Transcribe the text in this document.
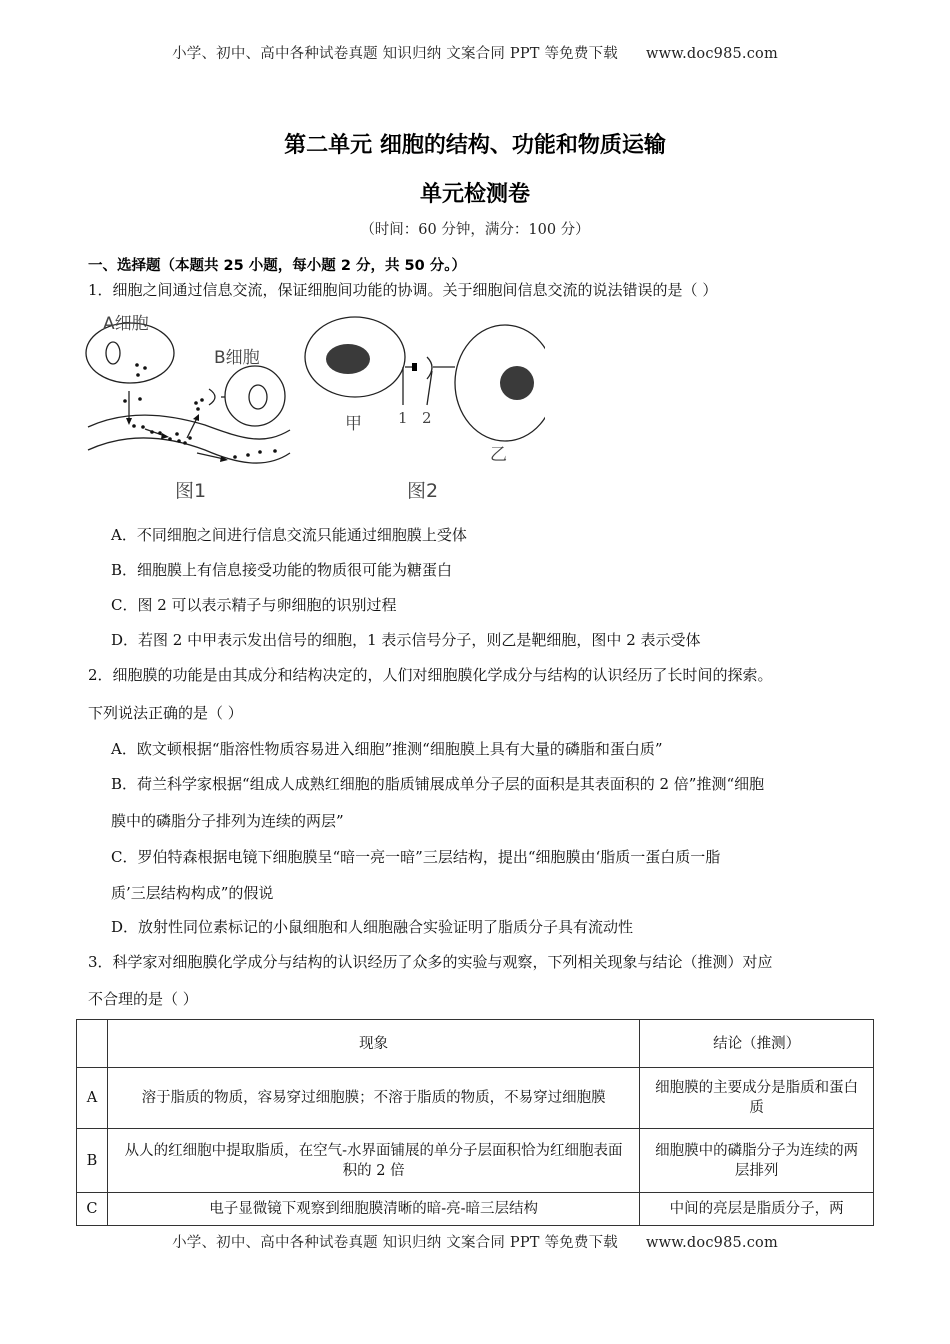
小学、初中、高中各种试卷真题 知识归纳 文案合同 PPT 等免费下载 www.doc985.com
第二单元 细胞的结构、功能和物质运输
单元检测卷
（时间：60 分钟，满分：100 分）
一、选择题（本题共 25 小题，每小题 2 分，共 50 分。）
1．细胞之间通过信息交流，保证细胞间功能的协调。关于细胞间信息交流的说法错误的是（ ）
A细胞
B细胞
图1
甲 1 2
乙
图2
A．不同细胞之间进行信息交流只能通过细胞膜上受体
B．细胞膜上有信息接受功能的物质很可能为糖蛋白
C．图 2 可以表示精子与卵细胞的识别过程
D．若图 2 中甲表示发出信号的细胞，1 表示信号分子，则乙是靶细胞，图中 2 表示受体
2．细胞膜的功能是由其成分和结构决定的，人们对细胞膜化学成分与结构的认识经历了长时间的探索。
下列说法正确的是（ ）
A．欧文顿根据“脂溶性物质容易进入细胞”推测“细胞膜上具有大量的磷脂和蛋白质”
B．荷兰科学家根据“组成人成熟红细胞的脂质铺展成单分子层的面积是其表面积的 2 倍”推测“细胞
膜中的磷脂分子排列为连续的两层”
C．罗伯特森根据电镜下细胞膜呈“暗一亮一暗”三层结构，提出“细胞膜由‘脂质一蛋白质一脂
质’三层结构构成”的假说
D．放射性同位素标记的小鼠细胞和人细胞融合实验证明了脂质分子具有流动性
3．科学家对细胞膜化学成分与结构的认识经历了众多的实验与观察，下列相关现象与结论（推测）对应
不合理的是（ ）
	现象	结论（推测）
A	溶于脂质的物质，容易穿过细胞膜；不溶于脂质的物质，不易穿过细胞膜	细胞膜的主要成分是脂质和蛋白质
B	从人的红细胞中提取脂质，在空气-水界面铺展的单分子层面积恰为红细胞表面积的 2 倍	细胞膜中的磷脂分子为连续的两层排列
C	电子显微镜下观察到细胞膜清晰的暗-亮-暗三层结构	中间的亮层是脂质分子，两
小学、初中、高中各种试卷真题 知识归纳 文案合同 PPT 等免费下载 www.doc985.com
